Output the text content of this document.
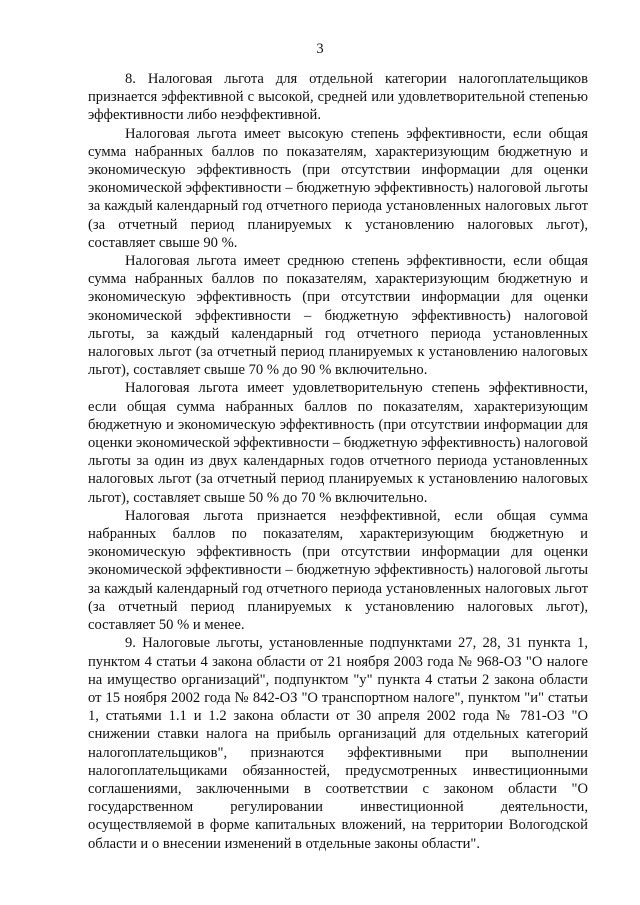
3

8. Налоговая льгота для отдельной категории налогоплательщиков признается эффективной с высокой, средней или удовлетворительной степенью эффективности либо неэффективной.

Налоговая льгота имеет высокую степень эффективности, если общая сумма набранных баллов по показателям, характеризующим бюджетную и экономическую эффективность (при отсутствии информации для оценки экономической эффективности – бюджетную эффективность) налоговой льготы за каждый календарный год отчетного периода установленных налоговых льгот (за отчетный период планируемых к установлению налоговых льгот), составляет свыше 90 %.

Налоговая льгота имеет среднюю степень эффективности, если общая сумма набранных баллов по показателям, характеризующим бюджетную и экономическую эффективность (при отсутствии информации для оценки экономической эффективности – бюджетную эффективность) налоговой льготы, за каждый календарный год отчетного периода установленных налоговых льгот (за отчетный период планируемых к установлению налоговых льгот), составляет свыше 70 % до 90 % включительно.

Налоговая льгота имеет удовлетворительную степень эффективности, если общая сумма набранных баллов по показателям, характеризующим бюджетную и экономическую эффективность (при отсутствии информации для оценки экономической эффективности – бюджетную эффективность) налоговой льготы за один из двух календарных годов отчетного периода установленных налоговых льгот (за отчетный период планируемых к установлению налоговых льгот), составляет свыше 50 % до 70 % включительно.

Налоговая льгота признается неэффективной, если общая сумма набранных баллов по показателям, характеризующим бюджетную и экономическую эффективность (при отсутствии информации для оценки экономической эффективности – бюджетную эффективность) налоговой льготы за каждый календарный год отчетного периода установленных налоговых льгот (за отчетный период планируемых к установлению налоговых льгот), составляет 50 % и менее.

9. Налоговые льготы, установленные подпунктами 27, 28, 31 пункта 1, пунктом 4 статьи 4 закона области от 21 ноября 2003 года № 968-ОЗ "О налоге на имущество организаций", подпунктом "у" пункта 4 статьи 2 закона области от 15 ноября 2002 года № 842-ОЗ "О транспортном налоге", пунктом "и" статьи 1, статьями 1.1 и 1.2 закона области от 30 апреля 2002 года № 781-ОЗ "О снижении ставки налога на прибыль организаций для отдельных категорий налогоплательщиков", признаются эффективными при выполнении налогоплательщиками обязанностей, предусмотренных инвестиционными соглашениями, заключенными в соответствии с законом области "О государственном регулировании инвестиционной деятельности, осуществляемой в форме капитальных вложений, на территории Вологодской области и о внесении изменений в отдельные законы области".
